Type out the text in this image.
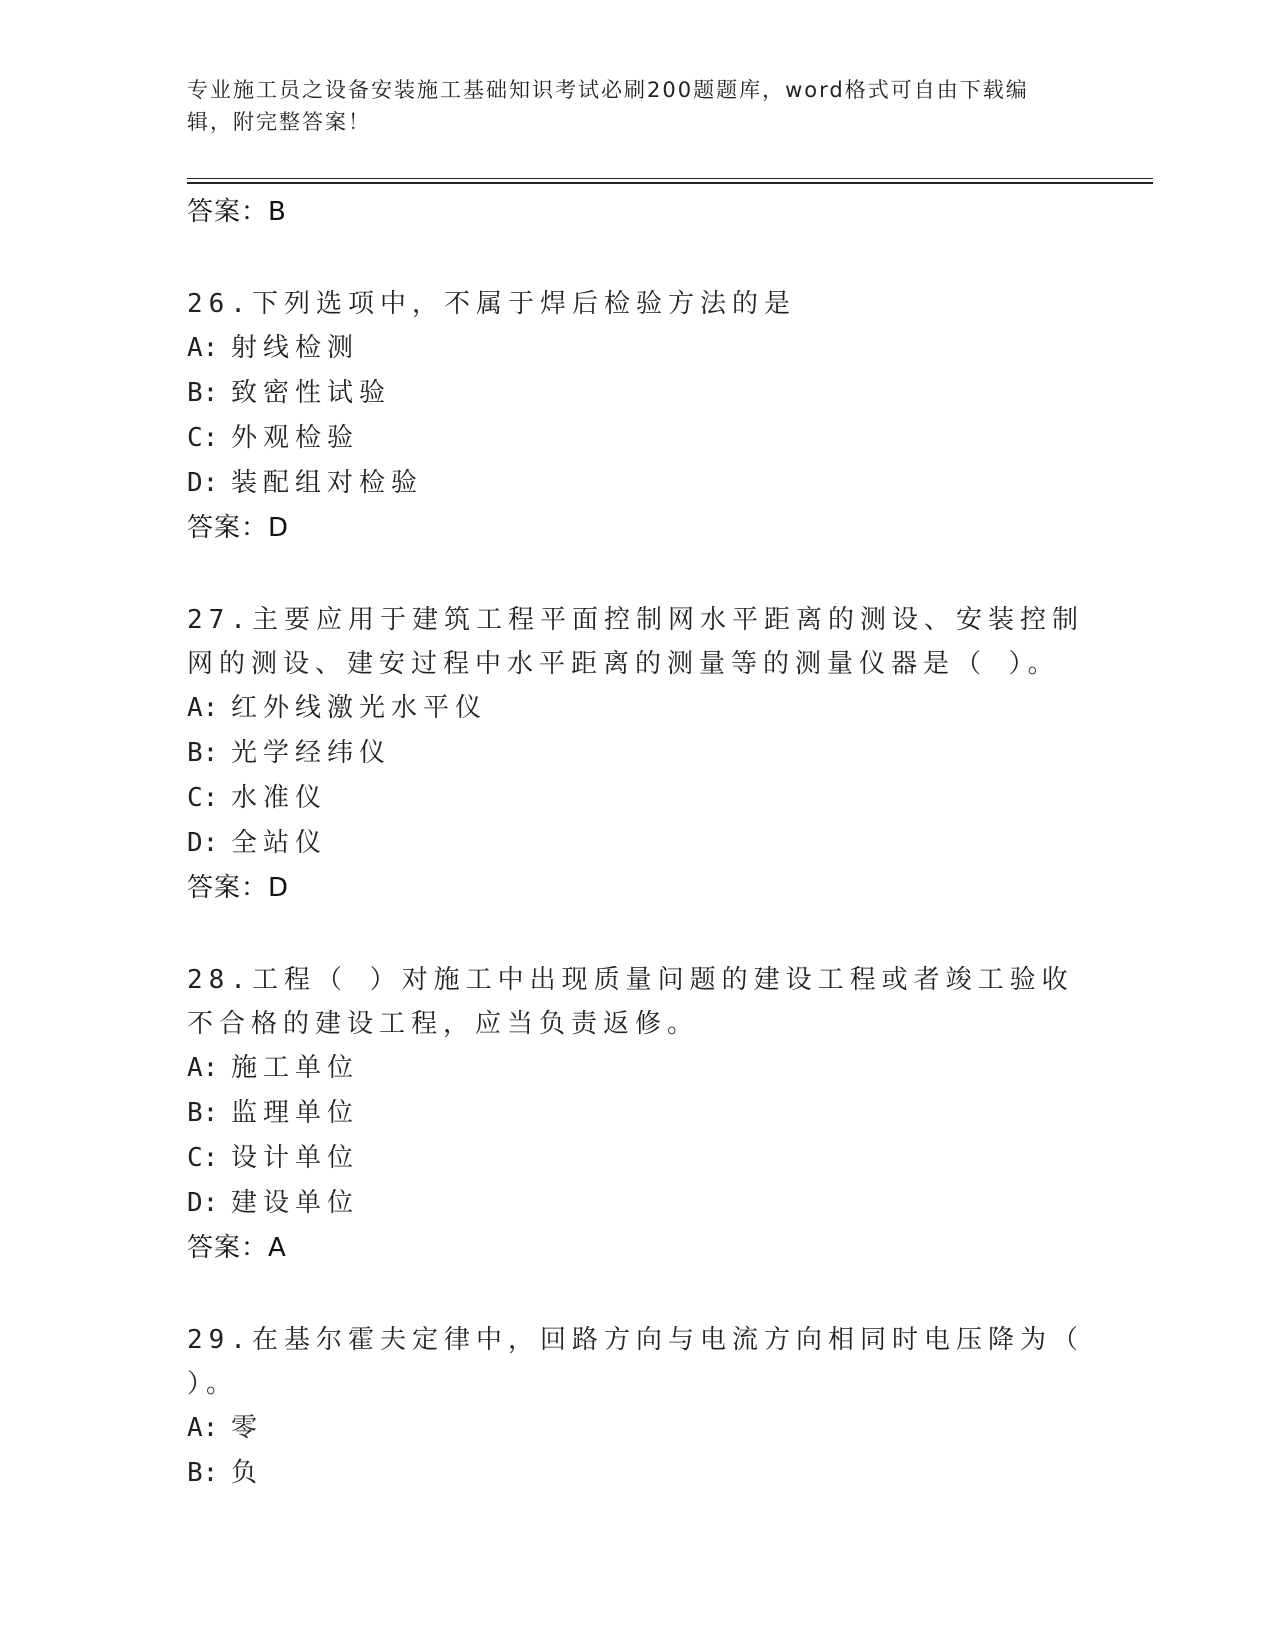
专业施工员之设备安装施工基础知识考试必刷200题题库，word格式可自由下载编辑，附完整答案！
答案：B
26.下列选项中，不属于焊后检验方法的是
A: 射线检测
B: 致密性试验
C: 外观检验
D: 装配组对检验
答案：D
27.主要应用于建筑工程平面控制网水平距离的测设、安装控制网的测设、建安过程中水平距离的测量等的测量仪器是（ ）。
A: 红外线激光水平仪
B: 光学经纬仪
C: 水准仪
D: 全站仪
答案：D
28.工程（ ）对施工中出现质量问题的建设工程或者竣工验收不合格的建设工程，应当负责返修。
A: 施工单位
B: 监理单位
C: 设计单位
D: 建设单位
答案：A
29.在基尔霍夫定律中，回路方向与电流方向相同时电压降为（ ）。
A: 零
B: 负
